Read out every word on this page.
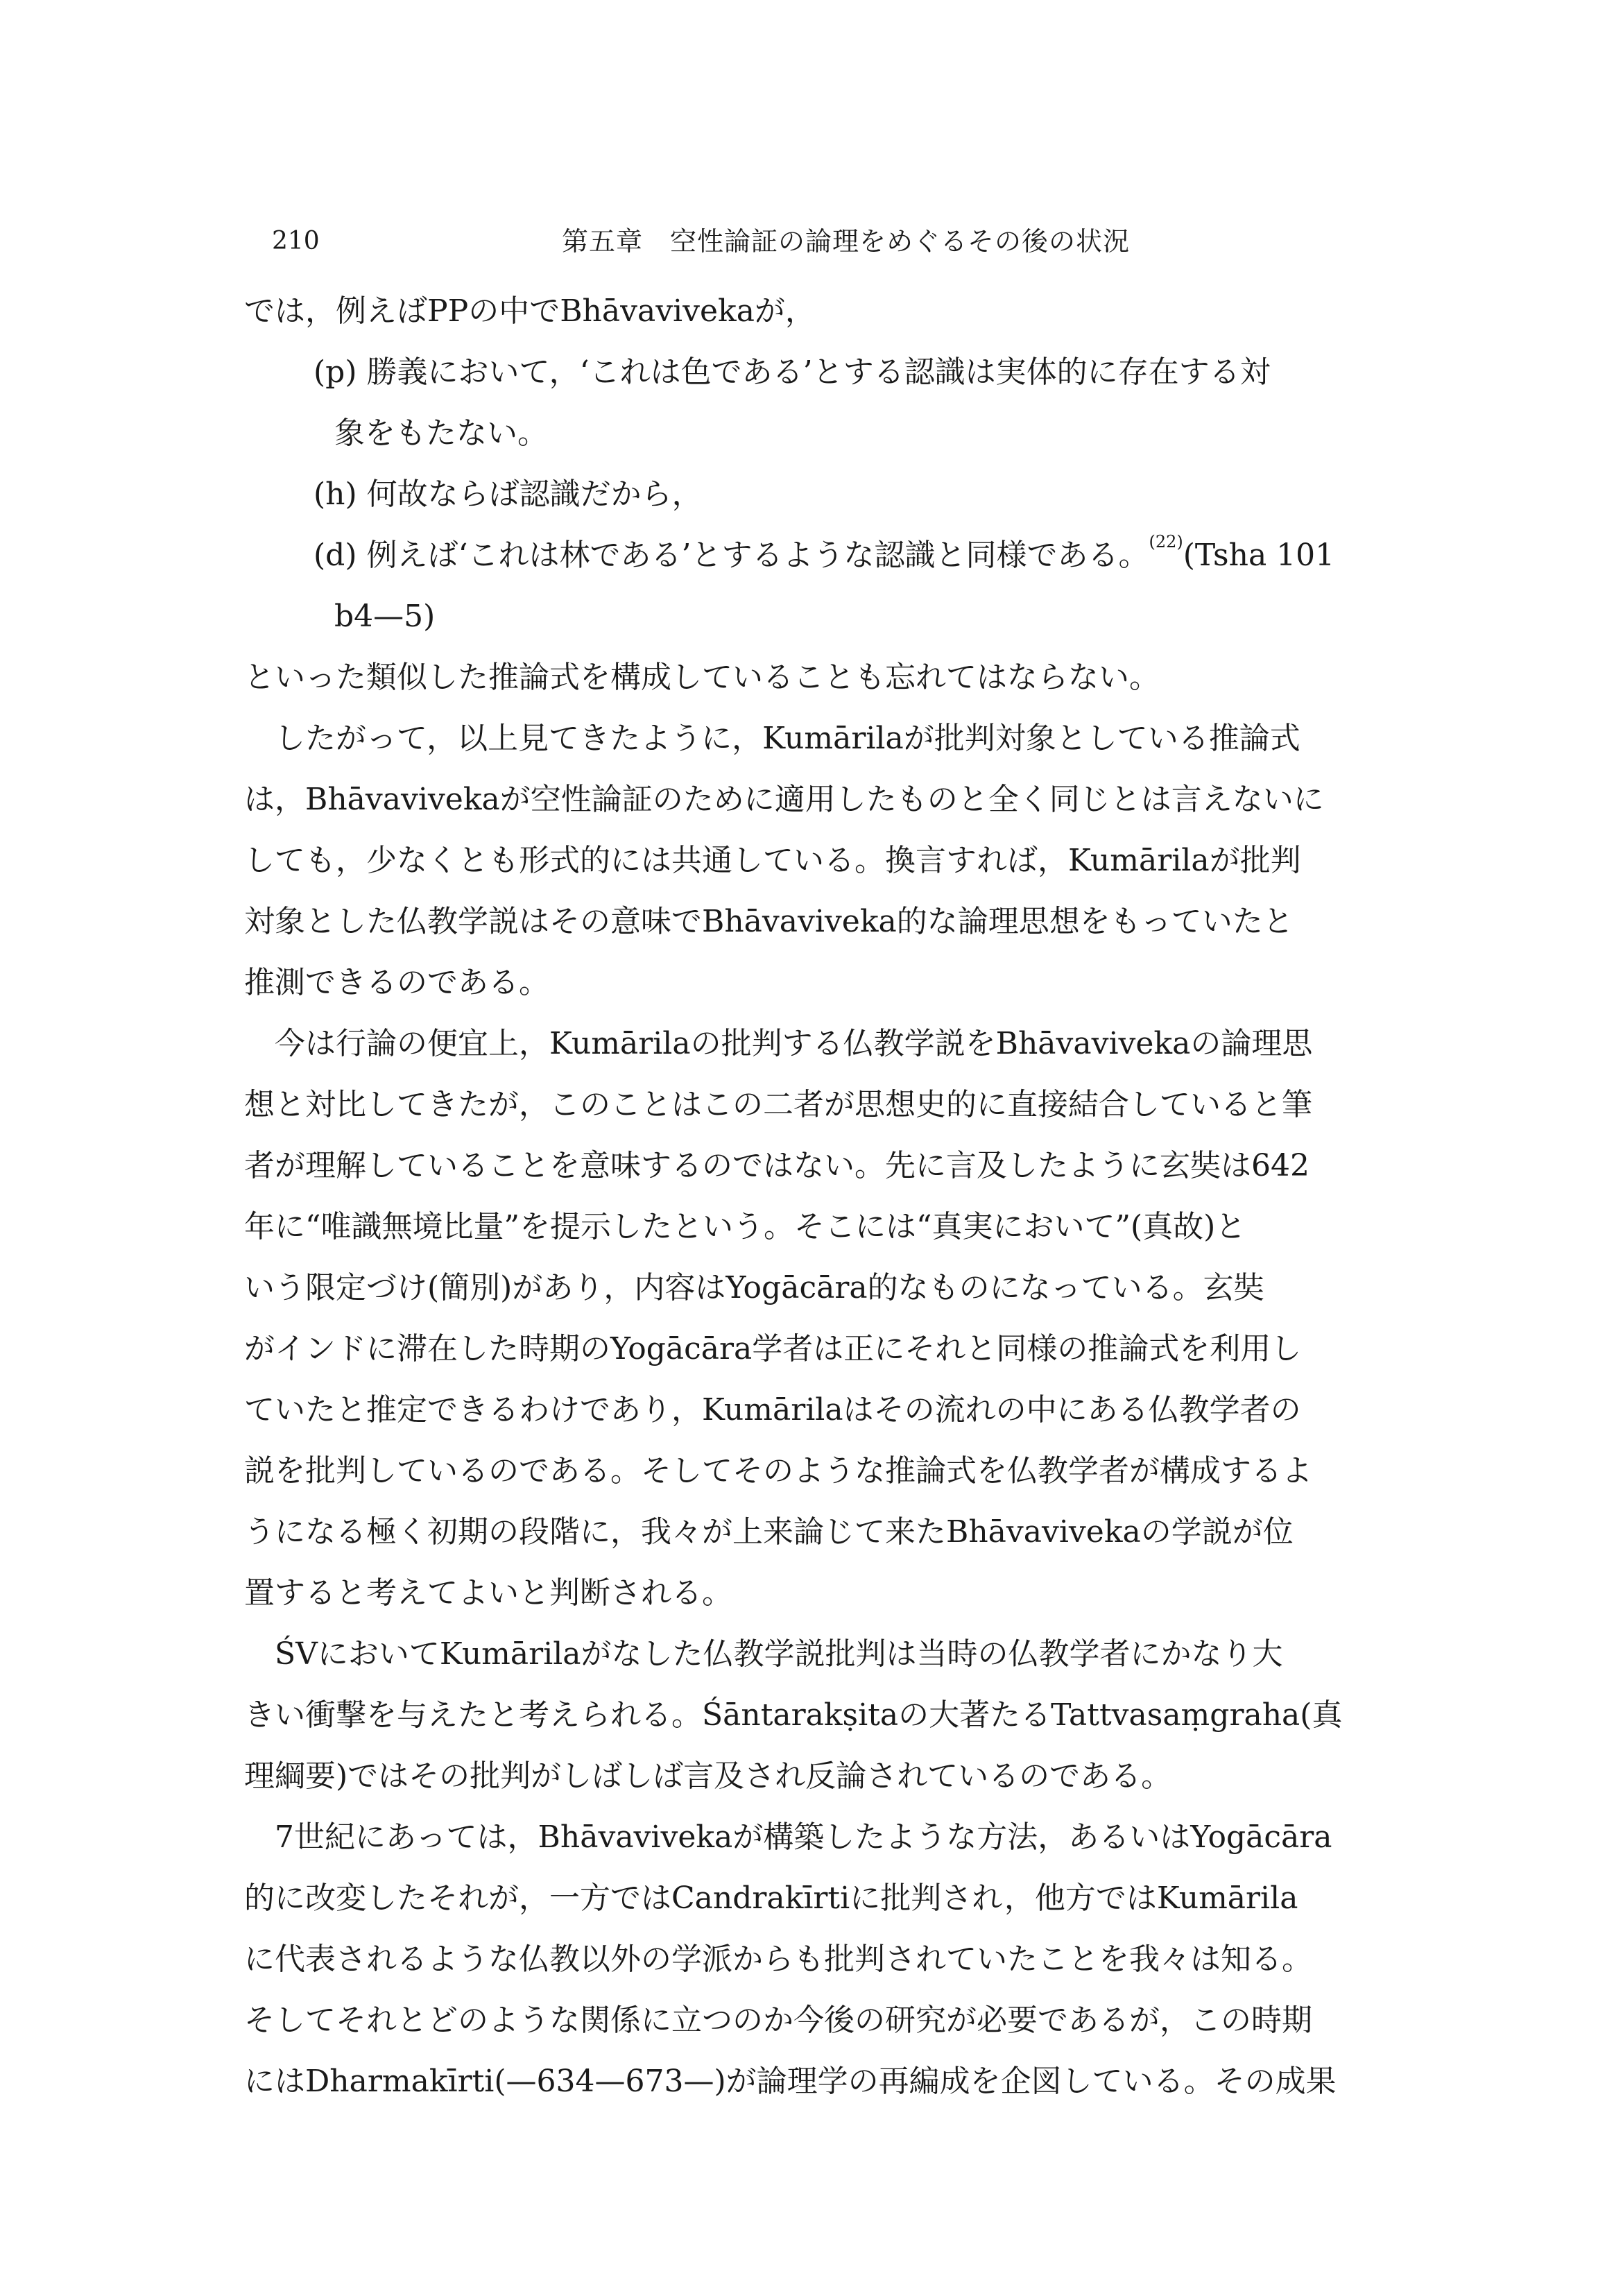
210	第五章　空性論証の論理をめぐるその後の状況
では，例えばPPの中でBhāvavivekaが，
(p) 勝義において，‘これは色である’とする認識は実体的に存在する対
象をもたない。
(h) 何故ならば認識だから，
(d) 例えば‘これは林である’とするような認識と同様である。$^{(22)}$(Tsha 101
b4—5)
といった類似した推論式を構成していることも忘れてはならない。
したがって，以上見てきたように，Kumārilaが批判対象としている推論式
は，Bhāvavivekaが空性論証のために適用したものと全く同じとは言えないに
しても，少なくとも形式的には共通している。換言すれば，Kumārilaが批判
対象とした仏教学説はその意味でBhāvaviveka的な論理思想をもっていたと
推測できるのである。
今は行論の便宜上，Kumārilaの批判する仏教学説をBhāvavivekaの論理思
想と対比してきたが，このことはこの二者が思想史的に直接結合していると筆
者が理解していることを意味するのではない。先に言及したように玄奘は642
年に“唯識無境比量”を提示したという。そこには“真実において”(真故)と
いう限定づけ(簡別)があり，内容はYogācāra的なものになっている。玄奘
がインドに滞在した時期のYogācāra学者は正にそれと同様の推論式を利用し
ていたと推定できるわけであり，Kumārilaはその流れの中にある仏教学者の
説を批判しているのである。そしてそのような推論式を仏教学者が構成するよ
うになる極く初期の段階に，我々が上来論じて来たBhāvavivekaの学説が位
置すると考えてよいと判断される。
ŚVにおいてKumārilaがなした仏教学説批判は当時の仏教学者にかなり大
きい衝撃を与えたと考えられる。Śāntarakṣitaの大著たるTattvasaṃgraha(真
理綱要)ではその批判がしばしば言及され反論されているのである。
7世紀にあっては，Bhāvavivekaが構築したような方法，あるいはYogācāra
的に改変したそれが，一方ではCandrakīrtiに批判され，他方ではKumārila
に代表されるような仏教以外の学派からも批判されていたことを我々は知る。
そしてそれとどのような関係に立つのか今後の研究が必要であるが，この時期
にはDharmakīrti(—634—673—)が論理学の再編成を企図している。その成果
